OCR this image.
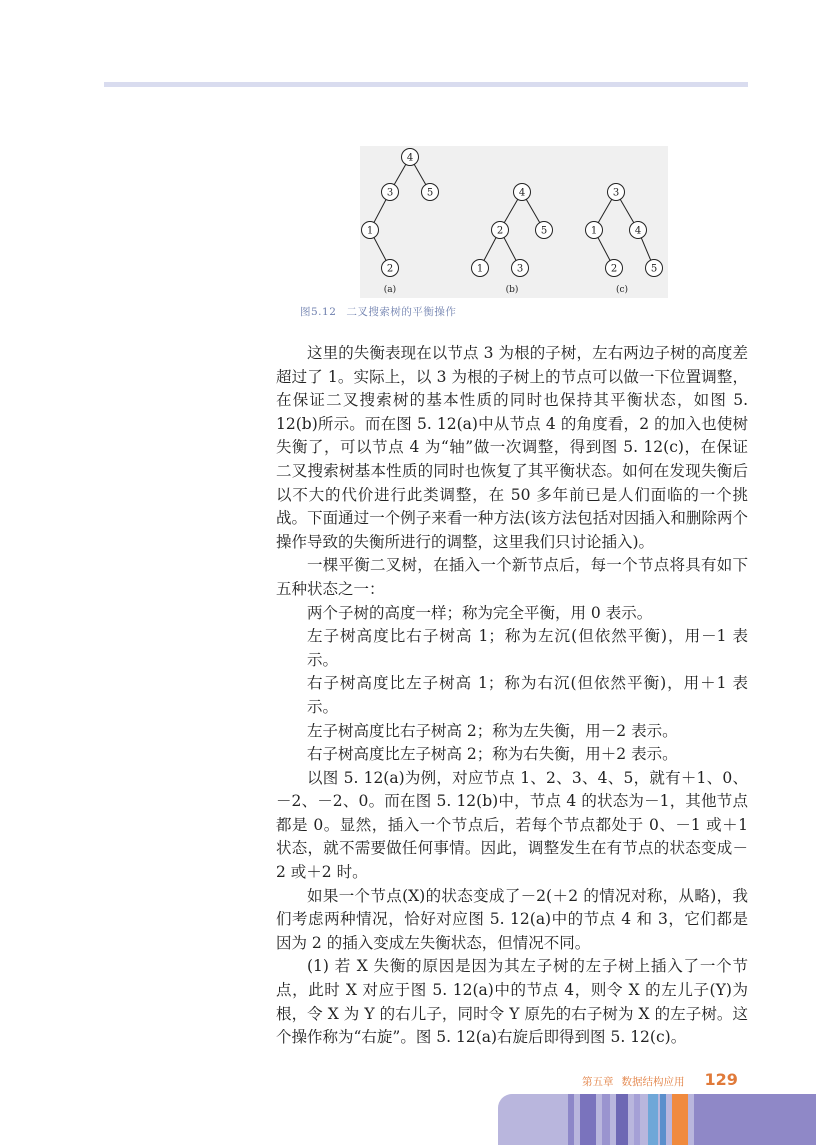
4
3	5
1
2
4
2	5
1	3
3
1	4
2	5
(a)	(b)	(c)
图5.12 二叉搜索树的平衡操作

这里的失衡表现在以节点 3 为根的子树，左右两边子树的高度差超过了 1。实际上，以 3 为根的子树上的节点可以做一下位置调整，在保证二叉搜索树的基本性质的同时也保持其平衡状态，如图 5. 12(b)所示。而在图 5. 12(a)中从节点 4 的角度看，2 的加入也使树失衡了，可以节点 4 为“轴”做一次调整，得到图 5. 12(c)，在保证二叉搜索树基本性质的同时也恢复了其平衡状态。如何在发现失衡后以不大的代价进行此类调整，在 50 多年前已是人们面临的一个挑战。下面通过一个例子来看一种方法(该方法包括对因插入和删除两个操作导致的失衡所进行的调整，这里我们只讨论插入)。

一棵平衡二叉树，在插入一个新节点后，每一个节点将具有如下五种状态之一：

两个子树的高度一样；称为完全平衡，用 0 表示。

左子树高度比右子树高 1；称为左沉(但依然平衡)，用－1 表示。

右子树高度比左子树高 1；称为右沉(但依然平衡)，用＋1 表示。

左子树高度比右子树高 2；称为左失衡，用－2 表示。

右子树高度比左子树高 2；称为右失衡，用＋2 表示。

以图 5. 12(a)为例，对应节点 1、2、3、4、5，就有＋1、0、－2、－2、0。而在图 5. 12(b)中，节点 4 的状态为－1，其他节点都是 0。显然，插入一个节点后，若每个节点都处于 0、－1 或＋1 状态，就不需要做任何事情。因此，调整发生在有节点的状态变成－2 或＋2 时。

如果一个节点(X)的状态变成了－2(＋2 的情况对称，从略)，我们考虑两种情况，恰好对应图 5. 12(a)中的节点 4 和 3，它们都是因为 2 的插入变成左失衡状态，但情况不同。

(1) 若 X 失衡的原因是因为其左子树的左子树上插入了一个节点，此时 X 对应于图 5. 12(a)中的节点 4，则令 X 的左儿子(Y)为根，令 X 为 Y 的右儿子，同时令 Y 原先的右子树为 X 的左子树。这个操作称为“右旋”。图 5. 12(a)右旋后即得到图 5. 12(c)。

第五章 数据结构应用 129
